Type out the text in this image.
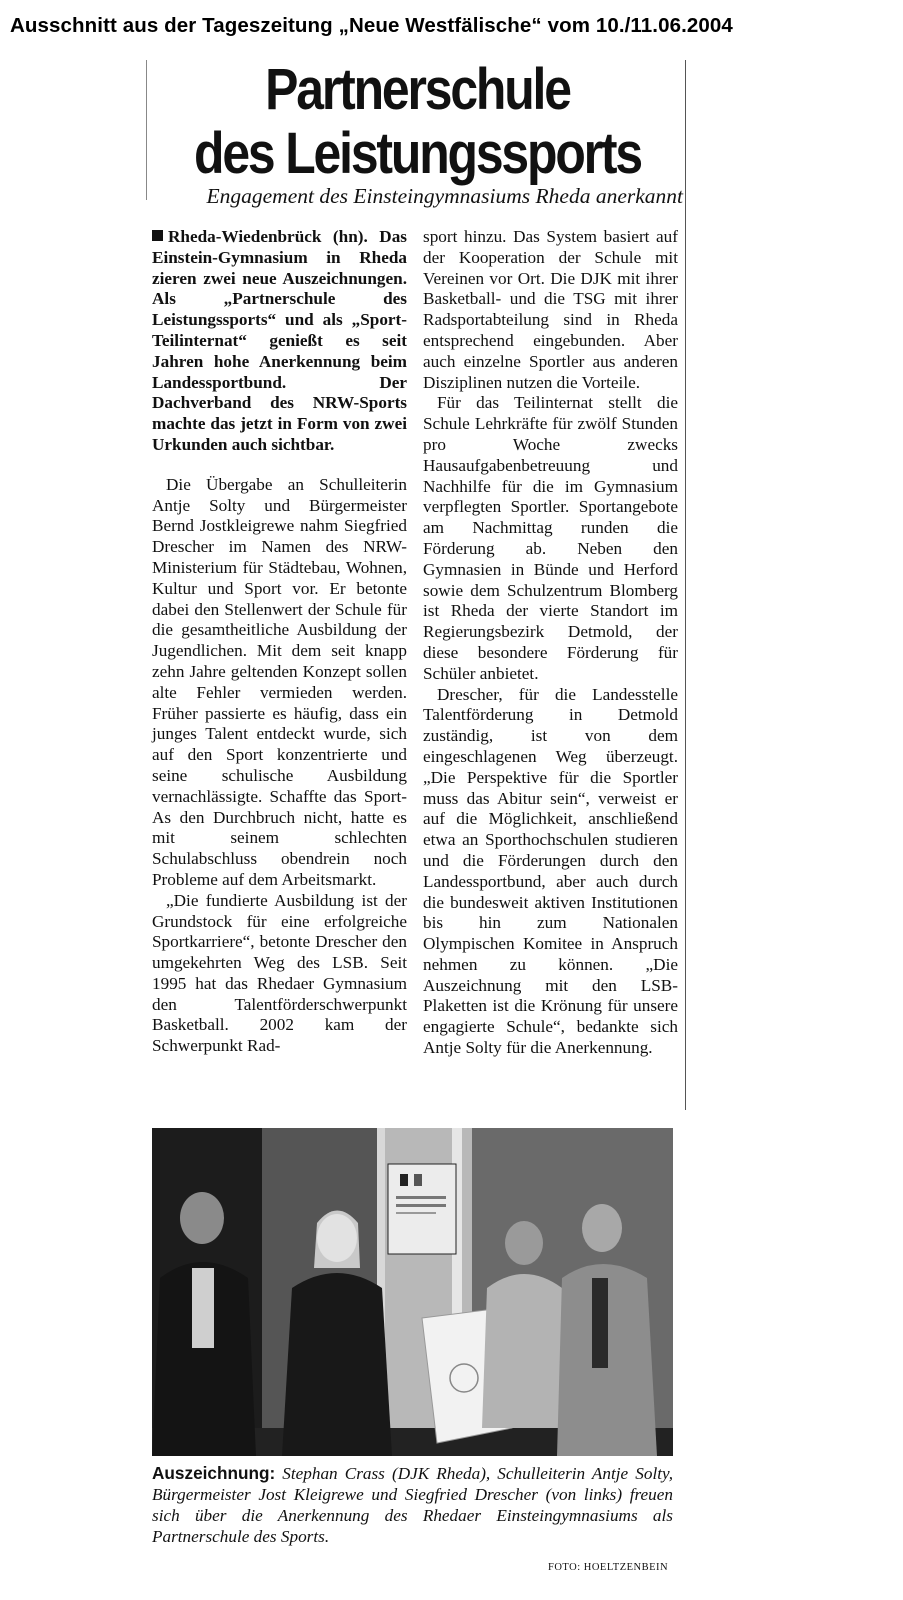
Ausschnitt aus der Tageszeitung „Neue Westfälische“ vom 10./11.06.2004
Partnerschule
des Leistungssports
Engagement des Einsteingymnasiums Rheda anerkannt

Rheda-Wiedenbrück (hn). Das Einstein-Gymnasium in Rheda zieren zwei neue Auszeichnungen. Als „Partnerschule des Leistungssports“ und als „Sport-Teilinternat“ genießt es seit Jahren hohe Anerkennung beim Landessportbund. Der Dachverband des NRW-Sports machte das jetzt in Form von zwei Urkunden auch sichtbar.

Die Übergabe an Schulleiterin Antje Solty und Bürgermeister Bernd Jostkleigrewe nahm Siegfried Drescher im Namen des NRW-Ministerium für Städtebau, Wohnen, Kultur und Sport vor. Er betonte dabei den Stellenwert der Schule für die gesamtheitliche Ausbildung der Jugendlichen. Mit dem seit knapp zehn Jahre geltenden Konzept sollen alte Fehler vermieden werden. Früher passierte es häufig, dass ein junges Talent entdeckt wurde, sich auf den Sport konzentrierte und seine schulische Ausbildung vernachlässigte. Schaffte das Sport-As den Durchbruch nicht, hatte es mit seinem schlechten Schulabschluss obendrein noch Probleme auf dem Arbeitsmarkt.

„Die fundierte Ausbildung ist der Grundstock für eine erfolgreiche Sportkarriere“, betonte Drescher den umgekehrten Weg des LSB. Seit 1995 hat das Rhedaer Gymnasium den Talentförderschwerpunkt Basketball. 2002 kam der Schwerpunkt Rad-

sport hinzu. Das System basiert auf der Kooperation der Schule mit Vereinen vor Ort. Die DJK mit ihrer Basketball- und die TSG mit ihrer Radsportabteilung sind in Rheda entsprechend eingebunden. Aber auch einzelne Sportler aus anderen Disziplinen nutzen die Vorteile.

Für das Teilinternat stellt die Schule Lehrkräfte für zwölf Stunden pro Woche zwecks Hausaufgabenbetreuung und Nachhilfe für die im Gymnasium verpflegten Sportler. Sportangebote am Nachmittag runden die Förderung ab. Neben den Gymnasien in Bünde und Herford sowie dem Schulzentrum Blomberg ist Rheda der vierte Standort im Regierungsbezirk Detmold, der diese besondere Förderung für Schüler anbietet.

Drescher, für die Landesstelle Talentförderung in Detmold zuständig, ist von dem eingeschlagenen Weg überzeugt. „Die Perspektive für die Sportler muss das Abitur sein“, verweist er auf die Möglichkeit, anschließend etwa an Sporthochschulen studieren und die Förderungen durch den Landessportbund, aber auch durch die bundesweit aktiven Institutionen bis hin zum Nationalen Olympischen Komitee in Anspruch nehmen zu können. „Die Auszeichnung mit den LSB-Plaketten ist die Krönung für unsere engagierte Schule“, bedankte sich Antje Solty für die Anerkennung.

Auszeichnung: Stephan Crass (DJK Rheda), Schulleiterin Antje Solty, Bürgermeister Jost Kleigrewe und Siegfried Drescher (von links) freuen sich über die Anerkennung des Rhedaer Einsteingymnasiums als Partnerschule des Sports.
FOTO: HOELTZENBEIN
